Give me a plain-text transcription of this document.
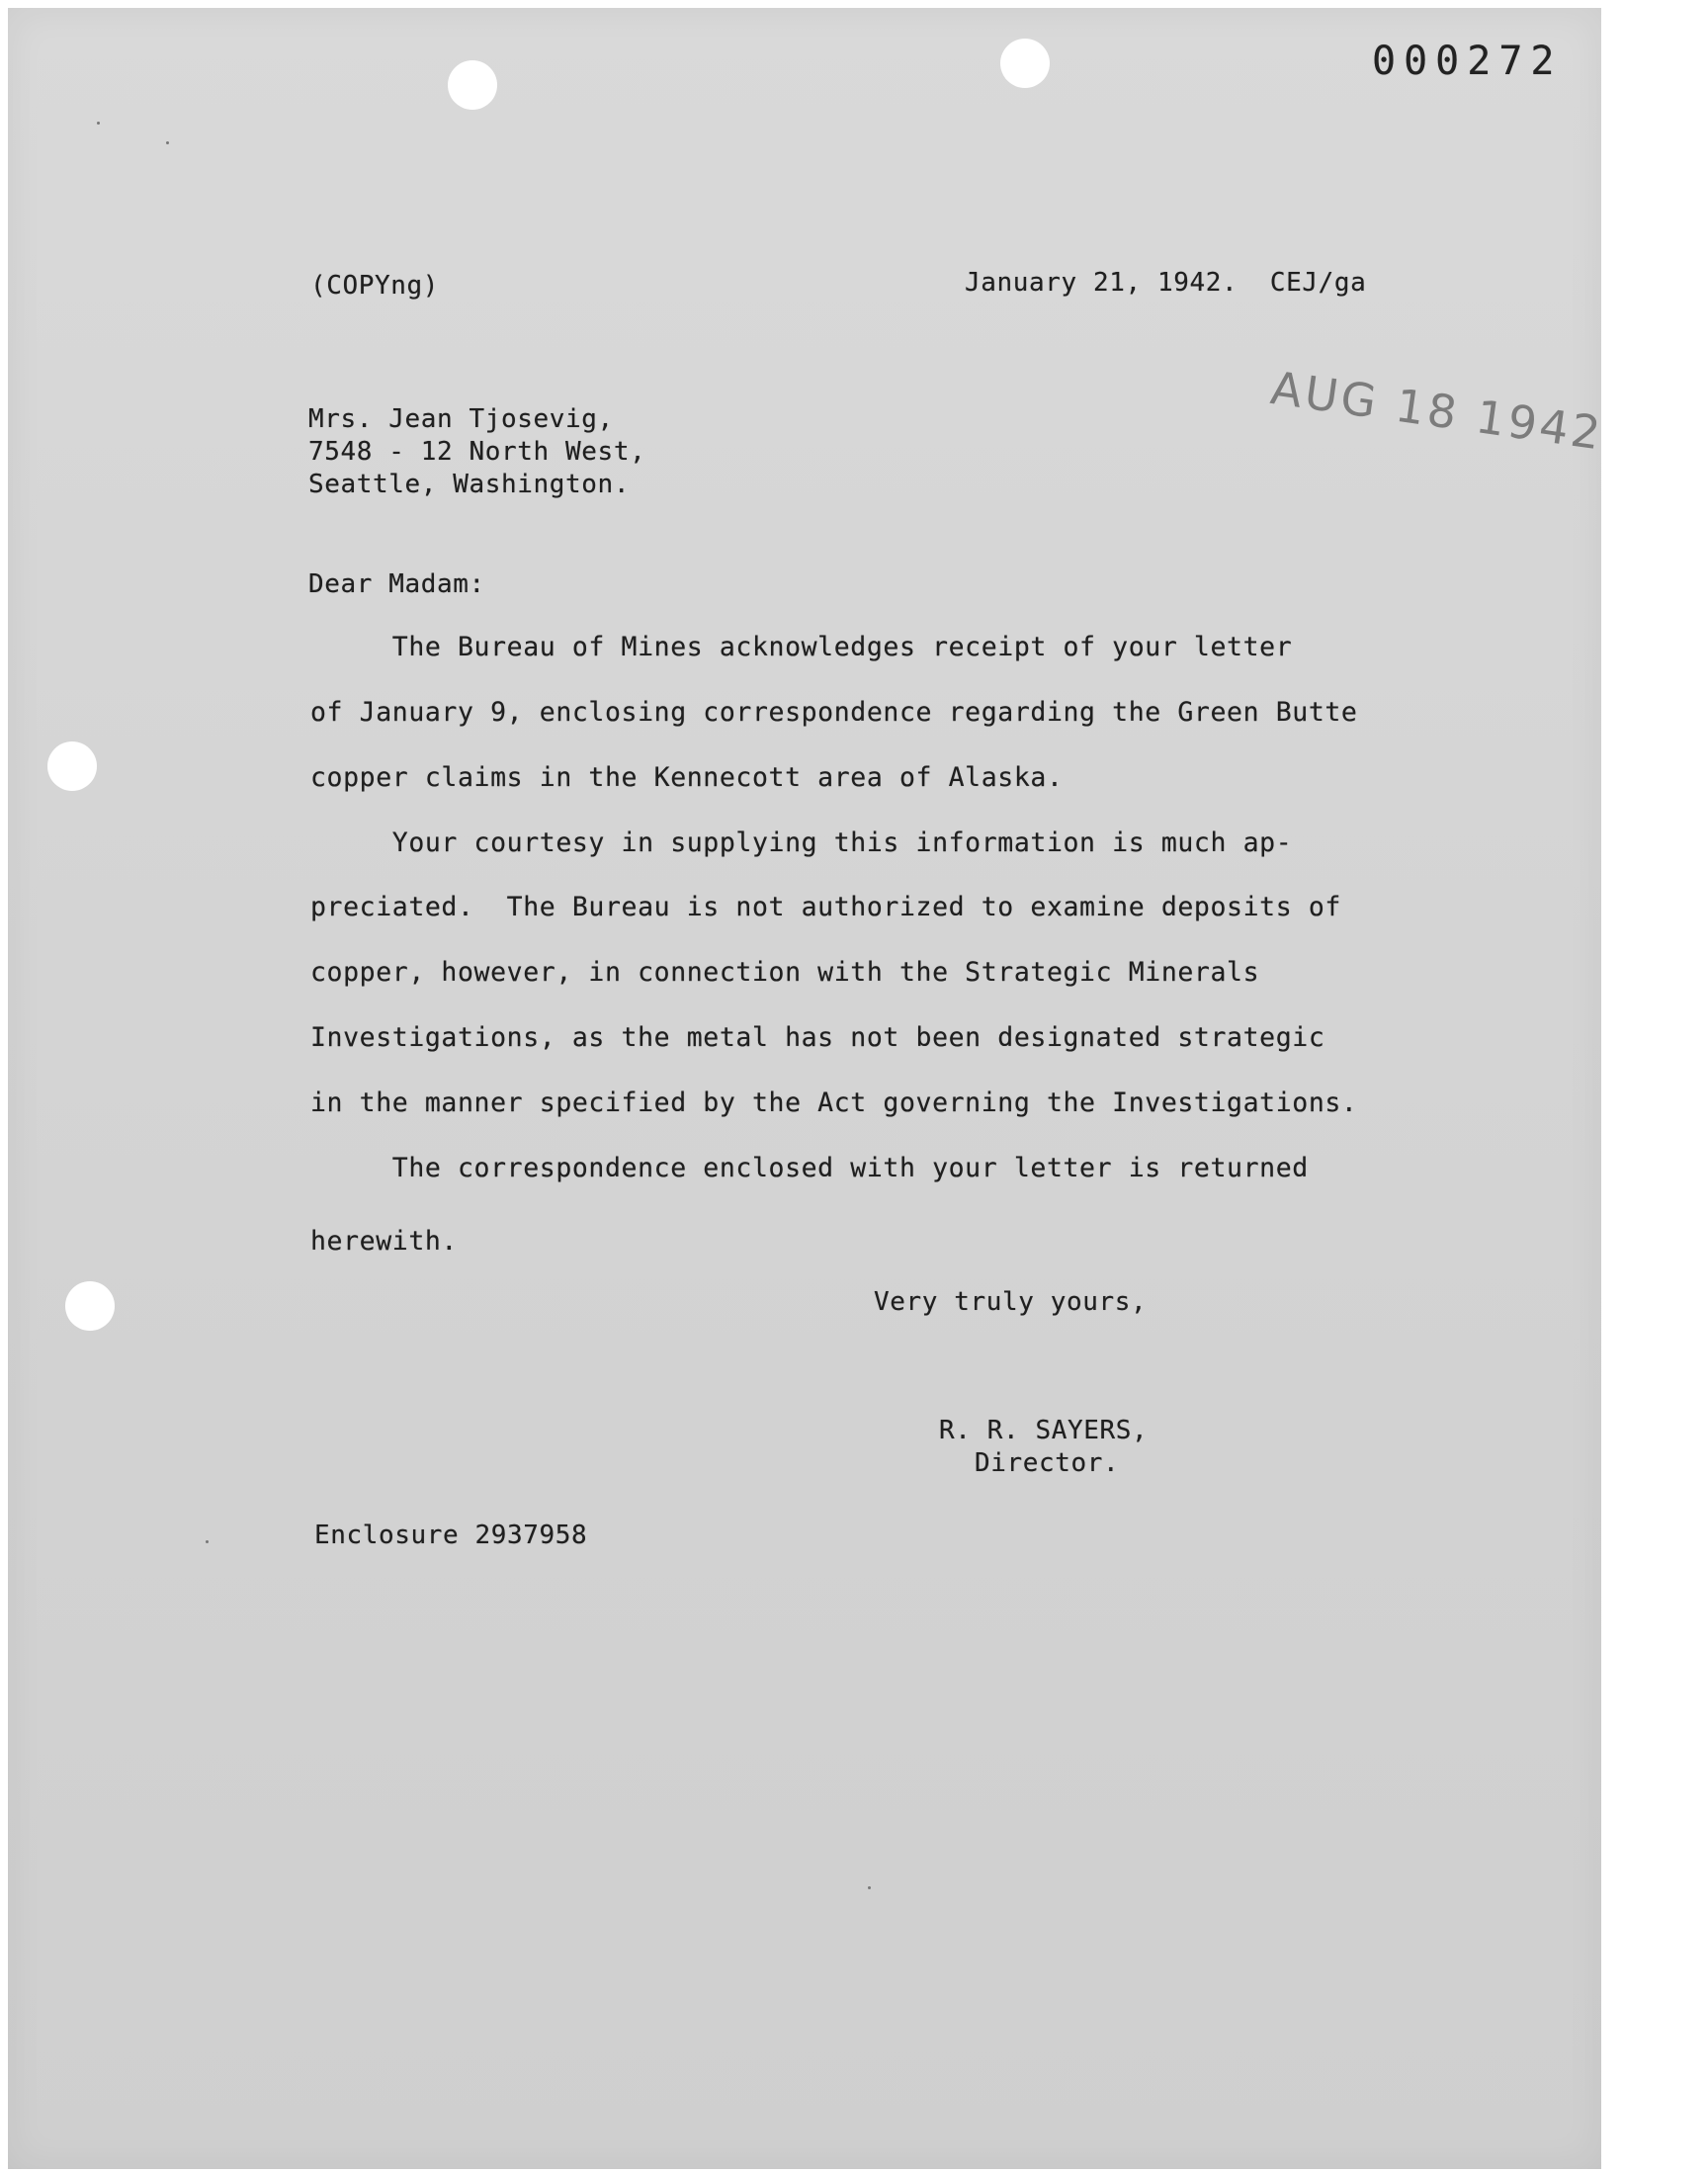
000272
(COPYng)	January 21, 1942.  CEJ/ga
AUG 18 1942
Mrs. Jean Tjosevig,
7548 - 12 North West,
Seattle, Washington.
Dear Madam:
The Bureau of Mines acknowledges receipt of your letter
of January 9, enclosing correspondence regarding the Green Butte
copper claims in the Kennecott area of Alaska.
Your courtesy in supplying this information is much ap-
preciated.  The Bureau is not authorized to examine deposits of
copper, however, in connection with the Strategic Minerals
Investigations, as the metal has not been designated strategic
in the manner specified by the Act governing the Investigations.
The correspondence enclosed with your letter is returned
herewith.
Very truly yours,
R. R. SAYERS,
Director.
Enclosure 2937958
